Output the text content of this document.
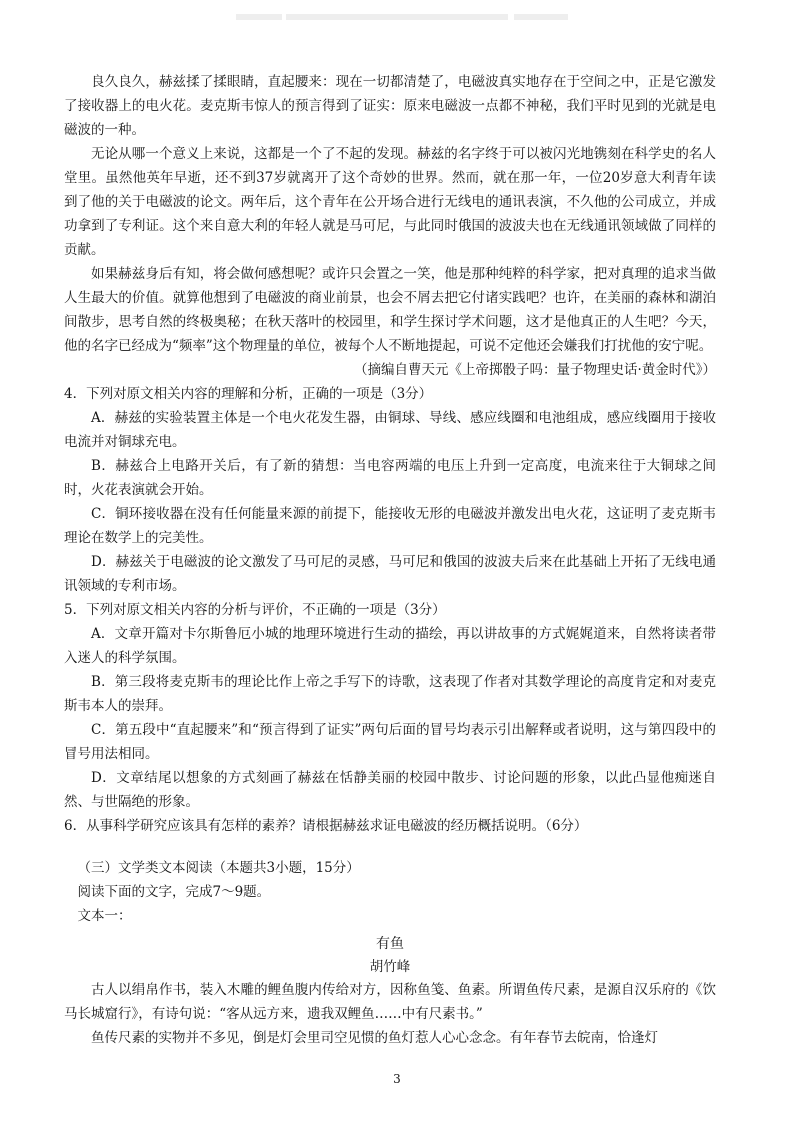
良久良久，赫兹揉了揉眼睛，直起腰来：现在一切都清楚了，电磁波真实地存在于空间之中，正是它激发了接收器上的电火花。麦克斯韦惊人的预言得到了证实：原来电磁波一点都不神秘，我们平时见到的光就是电磁波的一种。

无论从哪一个意义上来说，这都是一个了不起的发现。赫兹的名字终于可以被闪光地镌刻在科学史的名人堂里。虽然他英年早逝，还不到37岁就离开了这个奇妙的世界。然而，就在那一年，一位20岁意大利青年读到了他的关于电磁波的论文。两年后，这个青年在公开场合进行无线电的通讯表演，不久他的公司成立，并成功拿到了专利证。这个来自意大利的年轻人就是马可尼，与此同时俄国的波波夫也在无线通讯领域做了同样的贡献。

如果赫兹身后有知，将会做何感想呢？或许只会置之一笑，他是那种纯粹的科学家，把对真理的追求当做人生最大的价值。就算他想到了电磁波的商业前景，也会不屑去把它付诸实践吧？也许，在美丽的森林和湖泊间散步，思考自然的终极奥秘；在秋天落叶的校园里，和学生探讨学术问题，这才是他真正的人生吧？今天，他的名字已经成为“频率”这个物理量的单位，被每个人不断地提起，可说不定他还会嫌我们打扰他的安宁呢。

（摘编自曹天元《上帝掷骰子吗：量子物理史话·黄金时代》）

4．下列对原文相关内容的理解和分析，正确的一项是（3分）

A．赫兹的实验装置主体是一个电火花发生器，由铜球、导线、感应线圈和电池组成，感应线圈用于接收电流并对铜球充电。

B．赫兹合上电路开关后，有了新的猜想：当电容两端的电压上升到一定高度，电流来往于大铜球之间时，火花表演就会开始。

C．铜环接收器在没有任何能量来源的前提下，能接收无形的电磁波并激发出电火花，这证明了麦克斯韦理论在数学上的完美性。

D．赫兹关于电磁波的论文激发了马可尼的灵感，马可尼和俄国的波波夫后来在此基础上开拓了无线电通讯领域的专利市场。

5．下列对原文相关内容的分析与评价，不正确的一项是（3分）

A．文章开篇对卡尔斯鲁厄小城的地理环境进行生动的描绘，再以讲故事的方式娓娓道来，自然将读者带入迷人的科学氛围。

B．第三段将麦克斯韦的理论比作上帝之手写下的诗歌，这表现了作者对其数学理论的高度肯定和对麦克斯韦本人的崇拜。

C．第五段中“直起腰来”和“预言得到了证实”两句后面的冒号均表示引出解释或者说明，这与第四段中的冒号用法相同。

D．文章结尾以想象的方式刻画了赫兹在恬静美丽的校园中散步、讨论问题的形象，以此凸显他痴迷自然、与世隔绝的形象。

6．从事科学研究应该具有怎样的素养？请根据赫兹求证电磁波的经历概括说明。（6分）

（三）文学类文本阅读（本题共3小题，15分）

阅读下面的文字，完成7～9题。

文本一：

有鱼

胡竹峰

古人以绢帛作书，装入木雕的鲤鱼腹内传给对方，因称鱼笺、鱼素。所谓鱼传尺素，是源自汉乐府的《饮马长城窟行》，有诗句说：“客从远方来，遗我双鲤鱼……中有尺素书。”

鱼传尺素的实物并不多见，倒是灯会里司空见惯的鱼灯惹人心心念念。有年春节去皖南，恰逢灯

3
